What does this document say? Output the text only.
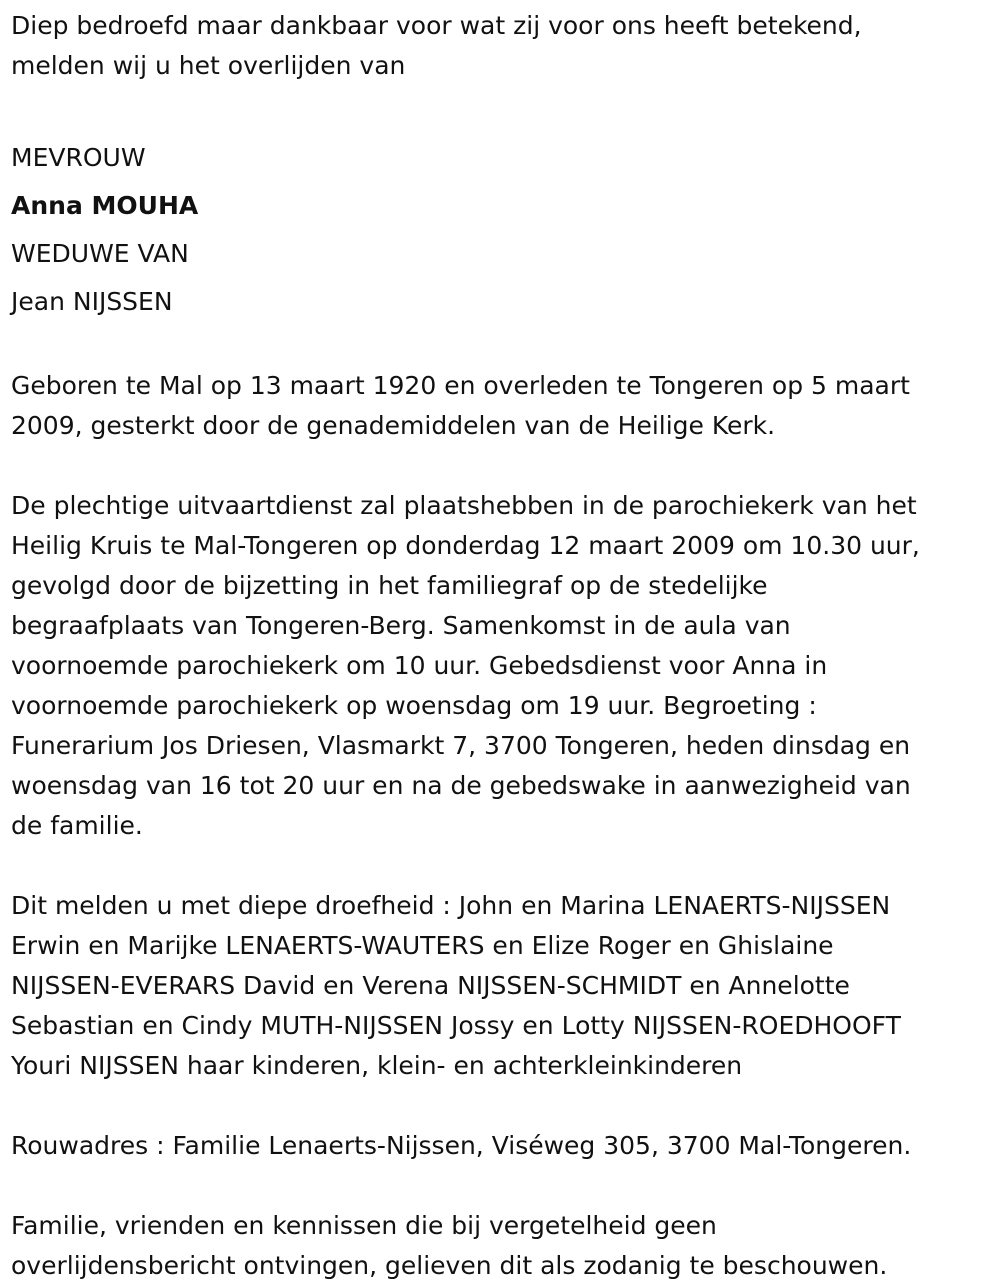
Diep bedroefd maar dankbaar voor wat zij voor ons heeft betekend,

melden wij u het overlijden van

MEVROUW

Anna MOUHA

WEDUWE VAN

Jean NIJSSEN

Geboren te Mal op 13 maart 1920 en overleden te Tongeren op 5 maart

2009, gesterkt door de genademiddelen van de Heilige Kerk.

De plechtige uitvaartdienst zal plaatshebben in de parochiekerk van het

Heilig Kruis te Mal-Tongeren op donderdag 12 maart 2009 om 10.30 uur,

gevolgd door de bijzetting in het familiegraf op de stedelijke

begraafplaats van Tongeren-Berg. Samenkomst in de aula van

voornoemde parochiekerk om 10 uur. Gebedsdienst voor Anna in

voornoemde parochiekerk op woensdag om 19 uur. Begroeting :

Funerarium Jos Driesen, Vlasmarkt 7, 3700 Tongeren, heden dinsdag en

woensdag van 16 tot 20 uur en na de gebedswake in aanwezigheid van

de familie.

Dit melden u met diepe droefheid : John en Marina LENAERTS-NIJSSEN

Erwin en Marijke LENAERTS-WAUTERS en Elize Roger en Ghislaine

NIJSSEN-EVERARS David en Verena NIJSSEN-SCHMIDT en Annelotte

Sebastian en Cindy MUTH-NIJSSEN Jossy en Lotty NIJSSEN-ROEDHOOFT

Youri NIJSSEN haar kinderen, klein- en achterkleinkinderen

Rouwadres : Familie Lenaerts-Nijssen, Viséweg 305, 3700 Mal-Tongeren.

Familie, vrienden en kennissen die bij vergetelheid geen

overlijdensbericht ontvingen, gelieven dit als zodanig te beschouwen.
